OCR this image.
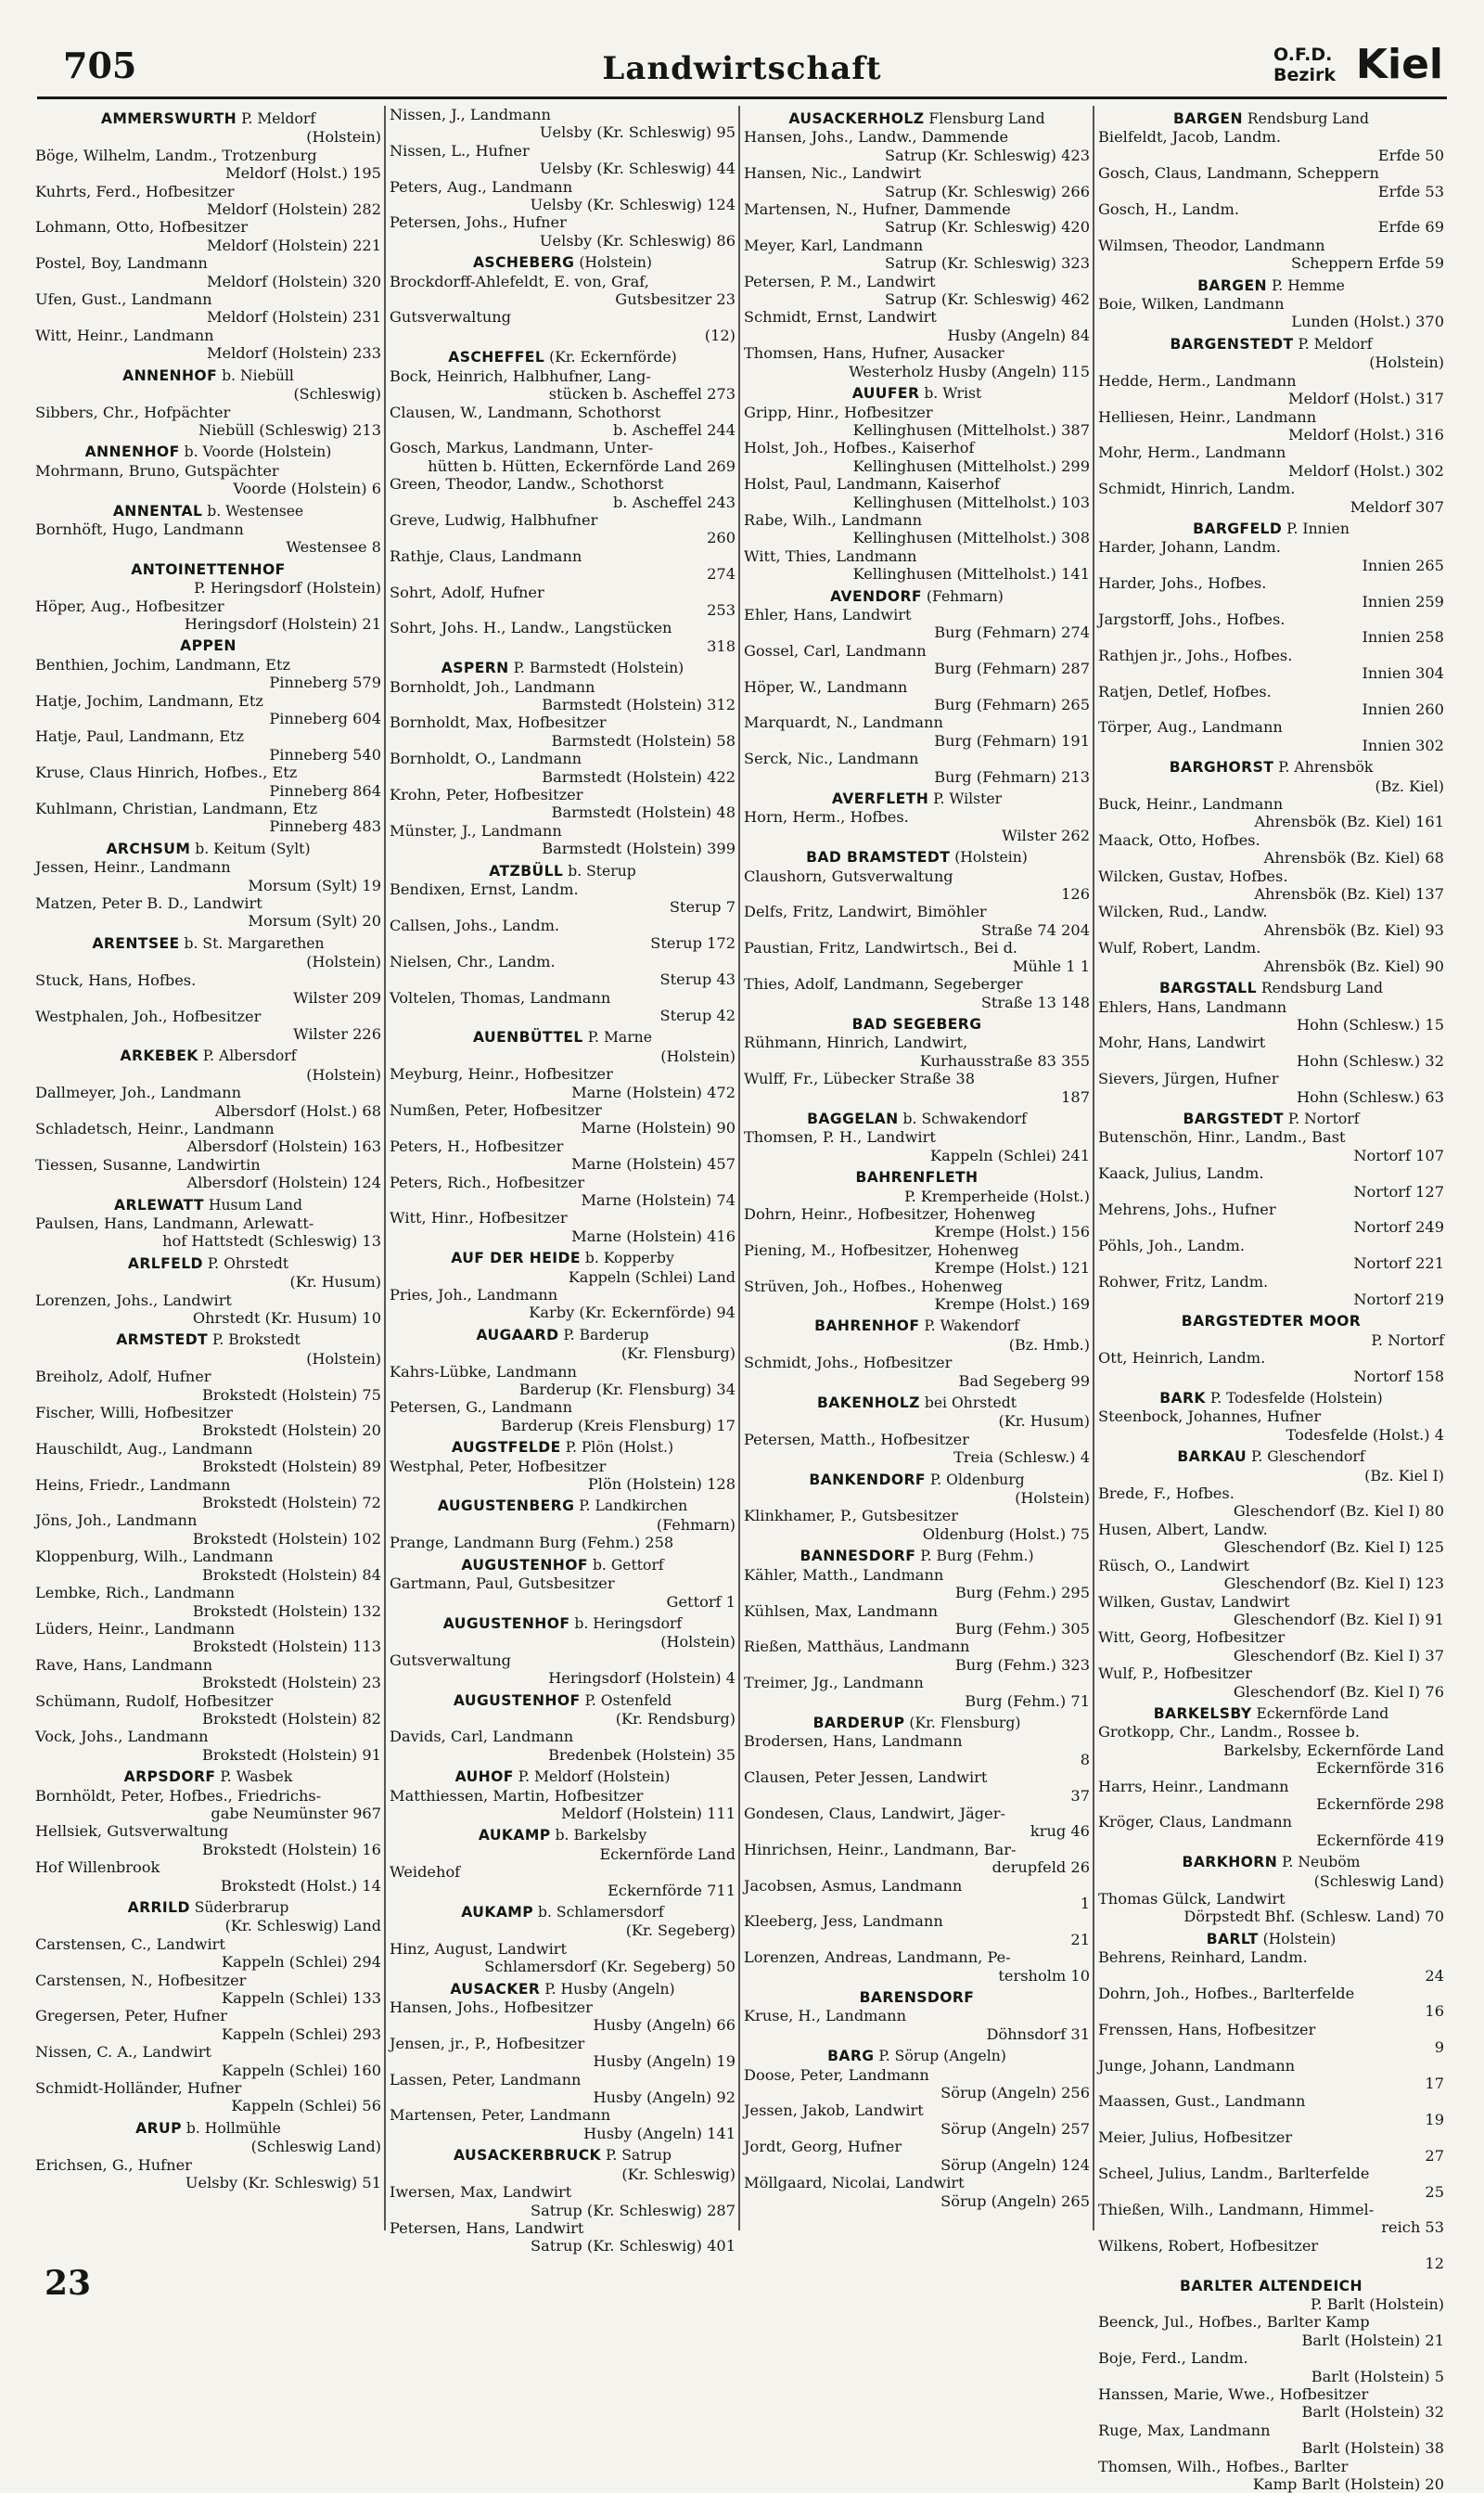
705	Landwirtschaft	O.F.D.
Bezirk Kiel
AMMERSWURTH P. Meldorf
(Holstein)
Böge, Wilhelm, Landm., Trotzenburg
Meldorf (Holst.) 195
Kuhrts, Ferd., Hofbesitzer
Meldorf (Holstein) 282
Lohmann, Otto, Hofbesitzer
Meldorf (Holstein) 221
Postel, Boy, Landmann
Meldorf (Holstein) 320
Ufen, Gust., Landmann
Meldorf (Holstein) 231
Witt, Heinr., Landmann
Meldorf (Holstein) 233
ANNENHOF b. Niebüll
(Schleswig)
Sibbers, Chr., Hofpächter
Niebüll (Schleswig) 213
ANNENHOF b. Voorde (Holstein)
Mohrmann, Bruno, Gutspächter
Voorde (Holstein) 6
ANNENTAL b. Westensee
Bornhöft, Hugo, Landmann
Westensee 8
ANTOINETTENHOF
P. Heringsdorf (Holstein)
Höper, Aug., Hofbesitzer
Heringsdorf (Holstein) 21
APPEN
Benthien, Jochim, Landmann, Etz
Pinneberg 579
Hatje, Jochim, Landmann, Etz
Pinneberg 604
Hatje, Paul, Landmann, Etz
Pinneberg 540
Kruse, Claus Hinrich, Hofbes., Etz
Pinneberg 864
Kuhlmann, Christian, Landmann, Etz
Pinneberg 483
ARCHSUM b. Keitum (Sylt)
Jessen, Heinr., Landmann
Morsum (Sylt) 19
Matzen, Peter B. D., Landwirt
Morsum (Sylt) 20
ARENTSEE b. St. Margarethen
(Holstein)
Stuck, Hans, Hofbes.
Wilster 209
Westphalen, Joh., Hofbesitzer
Wilster 226
ARKEBEK P. Albersdorf
(Holstein)
Dallmeyer, Joh., Landmann
Albersdorf (Holst.) 68
Schladetsch, Heinr., Landmann
Albersdorf (Holstein) 163
Tiessen, Susanne, Landwirtin
Albersdorf (Holstein) 124
ARLEWATT Husum Land
Paulsen, Hans, Landmann, Arlewatt-
hof Hattstedt (Schleswig) 13
ARLFELD P. Ohrstedt
(Kr. Husum)
Lorenzen, Johs., Landwirt
Ohrstedt (Kr. Husum) 10
ARMSTEDT P. Brokstedt
(Holstein)
Breiholz, Adolf, Hufner
Brokstedt (Holstein) 75
Fischer, Willi, Hofbesitzer
Brokstedt (Holstein) 20
Hauschildt, Aug., Landmann
Brokstedt (Holstein) 89
Heins, Friedr., Landmann
Brokstedt (Holstein) 72
Jöns, Joh., Landmann
Brokstedt (Holstein) 102
Kloppenburg, Wilh., Landmann
Brokstedt (Holstein) 84
Lembke, Rich., Landmann
Brokstedt (Holstein) 132
Lüders, Heinr., Landmann
Brokstedt (Holstein) 113
Rave, Hans, Landmann
Brokstedt (Holstein) 23
Schümann, Rudolf, Hofbesitzer
Brokstedt (Holstein) 82
Vock, Johs., Landmann
Brokstedt (Holstein) 91
ARPSDORF P. Wasbek
Bornhöldt, Peter, Hofbes., Friedrichs-
gabe Neumünster 967
Hellsiek, Gutsverwaltung
Brokstedt (Holstein) 16
Hof Willenbrook
Brokstedt (Holst.) 14
ARRILD Süderbrarup
(Kr. Schleswig) Land
Carstensen, C., Landwirt
Kappeln (Schlei) 294
Carstensen, N., Hofbesitzer
Kappeln (Schlei) 133
Gregersen, Peter, Hufner
Kappeln (Schlei) 293
Nissen, C. A., Landwirt
Kappeln (Schlei) 160
Schmidt-Holländer, Hufner
Kappeln (Schlei) 56
ARUP b. Hollmühle
(Schleswig Land)
Erichsen, G., Hufner
Uelsby (Kr. Schleswig) 51
Nissen, J., Landmann
Uelsby (Kr. Schleswig) 95
Nissen, L., Hufner
Uelsby (Kr. Schleswig) 44
Peters, Aug., Landmann
Uelsby (Kr. Schleswig) 124
Petersen, Johs., Hufner
Uelsby (Kr. Schleswig) 86
ASCHEBERG (Holstein)
Brockdorff-Ahlefeldt, E. von, Graf,
Gutsbesitzer 23
Gutsverwaltung
(12)
ASCHEFFEL (Kr. Eckernförde)
Bock, Heinrich, Halbhufner, Lang-
stücken b. Ascheffel 273
Clausen, W., Landmann, Schothorst
b. Ascheffel 244
Gosch, Markus, Landmann, Unter-
hütten b. Hütten, Eckernförde Land 269
Green, Theodor, Landw., Schothorst
b. Ascheffel 243
Greve, Ludwig, Halbhufner
260
Rathje, Claus, Landmann
274
Sohrt, Adolf, Hufner
253
Sohrt, Johs. H., Landw., Langstücken
318
ASPERN P. Barmstedt (Holstein)
Bornholdt, Joh., Landmann
Barmstedt (Holstein) 312
Bornholdt, Max, Hofbesitzer
Barmstedt (Holstein) 58
Bornholdt, O., Landmann
Barmstedt (Holstein) 422
Krohn, Peter, Hofbesitzer
Barmstedt (Holstein) 48
Münster, J., Landmann
Barmstedt (Holstein) 399
ATZBÜLL b. Sterup
Bendixen, Ernst, Landm.
Sterup 7
Callsen, Johs., Landm.
Sterup 172
Nielsen, Chr., Landm.
Sterup 43
Voltelen, Thomas, Landmann
Sterup 42
AUENBÜTTEL P. Marne
(Holstein)
Meyburg, Heinr., Hofbesitzer
Marne (Holstein) 472
Numßen, Peter, Hofbesitzer
Marne (Holstein) 90
Peters, H., Hofbesitzer
Marne (Holstein) 457
Peters, Rich., Hofbesitzer
Marne (Holstein) 74
Witt, Hinr., Hofbesitzer
Marne (Holstein) 416
AUF DER HEIDE b. Kopperby
Kappeln (Schlei) Land
Pries, Joh., Landmann
Karby (Kr. Eckernförde) 94
AUGAARD P. Barderup
(Kr. Flensburg)
Kahrs-Lübke, Landmann
Barderup (Kr. Flensburg) 34
Petersen, G., Landmann
Barderup (Kreis Flensburg) 17
AUGSTFELDE P. Plön (Holst.)
Westphal, Peter, Hofbesitzer
Plön (Holstein) 128
AUGUSTENBERG P. Landkirchen
(Fehmarn)
Prange, Landmann Burg (Fehm.) 258
AUGUSTENHOF b. Gettorf
Gartmann, Paul, Gutsbesitzer
Gettorf 1
AUGUSTENHOF b. Heringsdorf
(Holstein)
Gutsverwaltung
Heringsdorf (Holstein) 4
AUGUSTENHOF P. Ostenfeld
(Kr. Rendsburg)
Davids, Carl, Landmann
Bredenbek (Holstein) 35
AUHOF P. Meldorf (Holstein)
Matthiessen, Martin, Hofbesitzer
Meldorf (Holstein) 111
AUKAMP b. Barkelsby
Eckernförde Land
Weidehof
Eckernförde 711
AUKAMP b. Schlamersdorf
(Kr. Segeberg)
Hinz, August, Landwirt
Schlamersdorf (Kr. Segeberg) 50
AUSACKER P. Husby (Angeln)
Hansen, Johs., Hofbesitzer
Husby (Angeln) 66
Jensen, jr., P., Hofbesitzer
Husby (Angeln) 19
Lassen, Peter, Landmann
Husby (Angeln) 92
Martensen, Peter, Landmann
Husby (Angeln) 141
AUSACKERBRUCK P. Satrup
(Kr. Schleswig)
Iwersen, Max, Landwirt
Satrup (Kr. Schleswig) 287
Petersen, Hans, Landwirt
Satrup (Kr. Schleswig) 401
AUSACKERHOLZ Flensburg Land
Hansen, Johs., Landw., Dammende
Satrup (Kr. Schleswig) 423
Hansen, Nic., Landwirt
Satrup (Kr. Schleswig) 266
Martensen, N., Hufner, Dammende
Satrup (Kr. Schleswig) 420
Meyer, Karl, Landmann
Satrup (Kr. Schleswig) 323
Petersen, P. M., Landwirt
Satrup (Kr. Schleswig) 462
Schmidt, Ernst, Landwirt
Husby (Angeln) 84
Thomsen, Hans, Hufner, Ausacker
Westerholz Husby (Angeln) 115
AUUFER b. Wrist
Gripp, Hinr., Hofbesitzer
Kellinghusen (Mittelholst.) 387
Holst, Joh., Hofbes., Kaiserhof
Kellinghusen (Mittelholst.) 299
Holst, Paul, Landmann, Kaiserhof
Kellinghusen (Mittelholst.) 103
Rabe, Wilh., Landmann
Kellinghusen (Mittelholst.) 308
Witt, Thies, Landmann
Kellinghusen (Mittelholst.) 141
AVENDORF (Fehmarn)
Ehler, Hans, Landwirt
Burg (Fehmarn) 274
Gossel, Carl, Landmann
Burg (Fehmarn) 287
Höper, W., Landmann
Burg (Fehmarn) 265
Marquardt, N., Landmann
Burg (Fehmarn) 191
Serck, Nic., Landmann
Burg (Fehmarn) 213
AVERFLETH P. Wilster
Horn, Herm., Hofbes.
Wilster 262
BAD BRAMSTEDT (Holstein)
Claushorn, Gutsverwaltung
126
Delfs, Fritz, Landwirt, Bimöhler
Straße 74 204
Paustian, Fritz, Landwirtsch., Bei d.
Mühle 1 1
Thies, Adolf, Landmann, Segeberger
Straße 13 148
BAD SEGEBERG
Rühmann, Hinrich, Landwirt,
Kurhausstraße 83 355
Wulff, Fr., Lübecker Straße 38
187
BAGGELAN b. Schwakendorf
Thomsen, P. H., Landwirt
Kappeln (Schlei) 241
BAHRENFLETH
P. Kremperheide (Holst.)
Dohrn, Heinr., Hofbesitzer, Hohenweg
Krempe (Holst.) 156
Piening, M., Hofbesitzer, Hohenweg
Krempe (Holst.) 121
Strüven, Joh., Hofbes., Hohenweg
Krempe (Holst.) 169
BAHRENHOF P. Wakendorf
(Bz. Hmb.)
Schmidt, Johs., Hofbesitzer
Bad Segeberg 99
BAKENHOLZ bei Ohrstedt
(Kr. Husum)
Petersen, Matth., Hofbesitzer
Treia (Schlesw.) 4
BANKENDORF P. Oldenburg
(Holstein)
Klinkhamer, P., Gutsbesitzer
Oldenburg (Holst.) 75
BANNESDORF P. Burg (Fehm.)
Kähler, Matth., Landmann
Burg (Fehm.) 295
Kühlsen, Max, Landmann
Burg (Fehm.) 305
Rießen, Matthäus, Landmann
Burg (Fehm.) 323
Treimer, Jg., Landmann
Burg (Fehm.) 71
BARDERUP (Kr. Flensburg)
Brodersen, Hans, Landmann
8
Clausen, Peter Jessen, Landwirt
37
Gondesen, Claus, Landwirt, Jäger-
krug 46
Hinrichsen, Heinr., Landmann, Bar-
derupfeld 26
Jacobsen, Asmus, Landmann
1
Kleeberg, Jess, Landmann
21
Lorenzen, Andreas, Landmann, Pe-
tersholm 10
BARENSDORF
Kruse, H., Landmann
Döhnsdorf 31
BARG P. Sörup (Angeln)
Doose, Peter, Landmann
Sörup (Angeln) 256
Jessen, Jakob, Landwirt
Sörup (Angeln) 257
Jordt, Georg, Hufner
Sörup (Angeln) 124
Möllgaard, Nicolai, Landwirt
Sörup (Angeln) 265
BARGEN Rendsburg Land
Bielfeldt, Jacob, Landm.
Erfde 50
Gosch, Claus, Landmann, Scheppern
Erfde 53
Gosch, H., Landm.
Erfde 69
Wilmsen, Theodor, Landmann
Scheppern Erfde 59
BARGEN P. Hemme
Boie, Wilken, Landmann
Lunden (Holst.) 370
BARGENSTEDT P. Meldorf
(Holstein)
Hedde, Herm., Landmann
Meldorf (Holst.) 317
Helliesen, Heinr., Landmann
Meldorf (Holst.) 316
Mohr, Herm., Landmann
Meldorf (Holst.) 302
Schmidt, Hinrich, Landm.
Meldorf 307
BARGFELD P. Innien
Harder, Johann, Landm.
Innien 265
Harder, Johs., Hofbes.
Innien 259
Jargstorff, Johs., Hofbes.
Innien 258
Rathjen jr., Johs., Hofbes.
Innien 304
Ratjen, Detlef, Hofbes.
Innien 260
Törper, Aug., Landmann
Innien 302
BARGHORST P. Ahrensbök
(Bz. Kiel)
Buck, Heinr., Landmann
Ahrensbök (Bz. Kiel) 161
Maack, Otto, Hofbes.
Ahrensbök (Bz. Kiel) 68
Wilcken, Gustav, Hofbes.
Ahrensbök (Bz. Kiel) 137
Wilcken, Rud., Landw.
Ahrensbök (Bz. Kiel) 93
Wulf, Robert, Landm.
Ahrensbök (Bz. Kiel) 90
BARGSTALL Rendsburg Land
Ehlers, Hans, Landmann
Hohn (Schlesw.) 15
Mohr, Hans, Landwirt
Hohn (Schlesw.) 32
Sievers, Jürgen, Hufner
Hohn (Schlesw.) 63
BARGSTEDT P. Nortorf
Butenschön, Hinr., Landm., Bast
Nortorf 107
Kaack, Julius, Landm.
Nortorf 127
Mehrens, Johs., Hufner
Nortorf 249
Pöhls, Joh., Landm.
Nortorf 221
Rohwer, Fritz, Landm.
Nortorf 219
BARGSTEDTER MOOR
P. Nortorf
Ott, Heinrich, Landm.
Nortorf 158
BARK P. Todesfelde (Holstein)
Steenbock, Johannes, Hufner
Todesfelde (Holst.) 4
BARKAU P. Gleschendorf
(Bz. Kiel I)
Brede, F., Hofbes.
Gleschendorf (Bz. Kiel I) 80
Husen, Albert, Landw.
Gleschendorf (Bz. Kiel I) 125
Rüsch, O., Landwirt
Gleschendorf (Bz. Kiel I) 123
Wilken, Gustav, Landwirt
Gleschendorf (Bz. Kiel I) 91
Witt, Georg, Hofbesitzer
Gleschendorf (Bz. Kiel I) 37
Wulf, P., Hofbesitzer
Gleschendorf (Bz. Kiel I) 76
BARKELSBY Eckernförde Land
Grotkopp, Chr., Landm., Rossee b.
Barkelsby, Eckernförde Land
Eckernförde 316
Harrs, Heinr., Landmann
Eckernförde 298
Kröger, Claus, Landmann
Eckernförde 419
BARKHORN P. Neuböm
(Schleswig Land)
Thomas Gülck, Landwirt
Dörpstedt Bhf. (Schlesw. Land) 70
BARLT (Holstein)
Behrens, Reinhard, Landm.
24
Dohrn, Joh., Hofbes., Barlterfelde
16
Frenssen, Hans, Hofbesitzer
9
Junge, Johann, Landmann
17
Maassen, Gust., Landmann
19
Meier, Julius, Hofbesitzer
27
Scheel, Julius, Landm., Barlterfelde
25
Thießen, Wilh., Landmann, Himmel-
reich 53
Wilkens, Robert, Hofbesitzer
12
BARLTER ALTENDEICH
P. Barlt (Holstein)
Beenck, Jul., Hofbes., Barlter Kamp
Barlt (Holstein) 21
Boje, Ferd., Landm.
Barlt (Holstein) 5
Hanssen, Marie, Wwe., Hofbesitzer
Barlt (Holstein) 32
Ruge, Max, Landmann
Barlt (Holstein) 38
Thomsen, Wilh., Hofbes., Barlter
Kamp Barlt (Holstein) 20
23
